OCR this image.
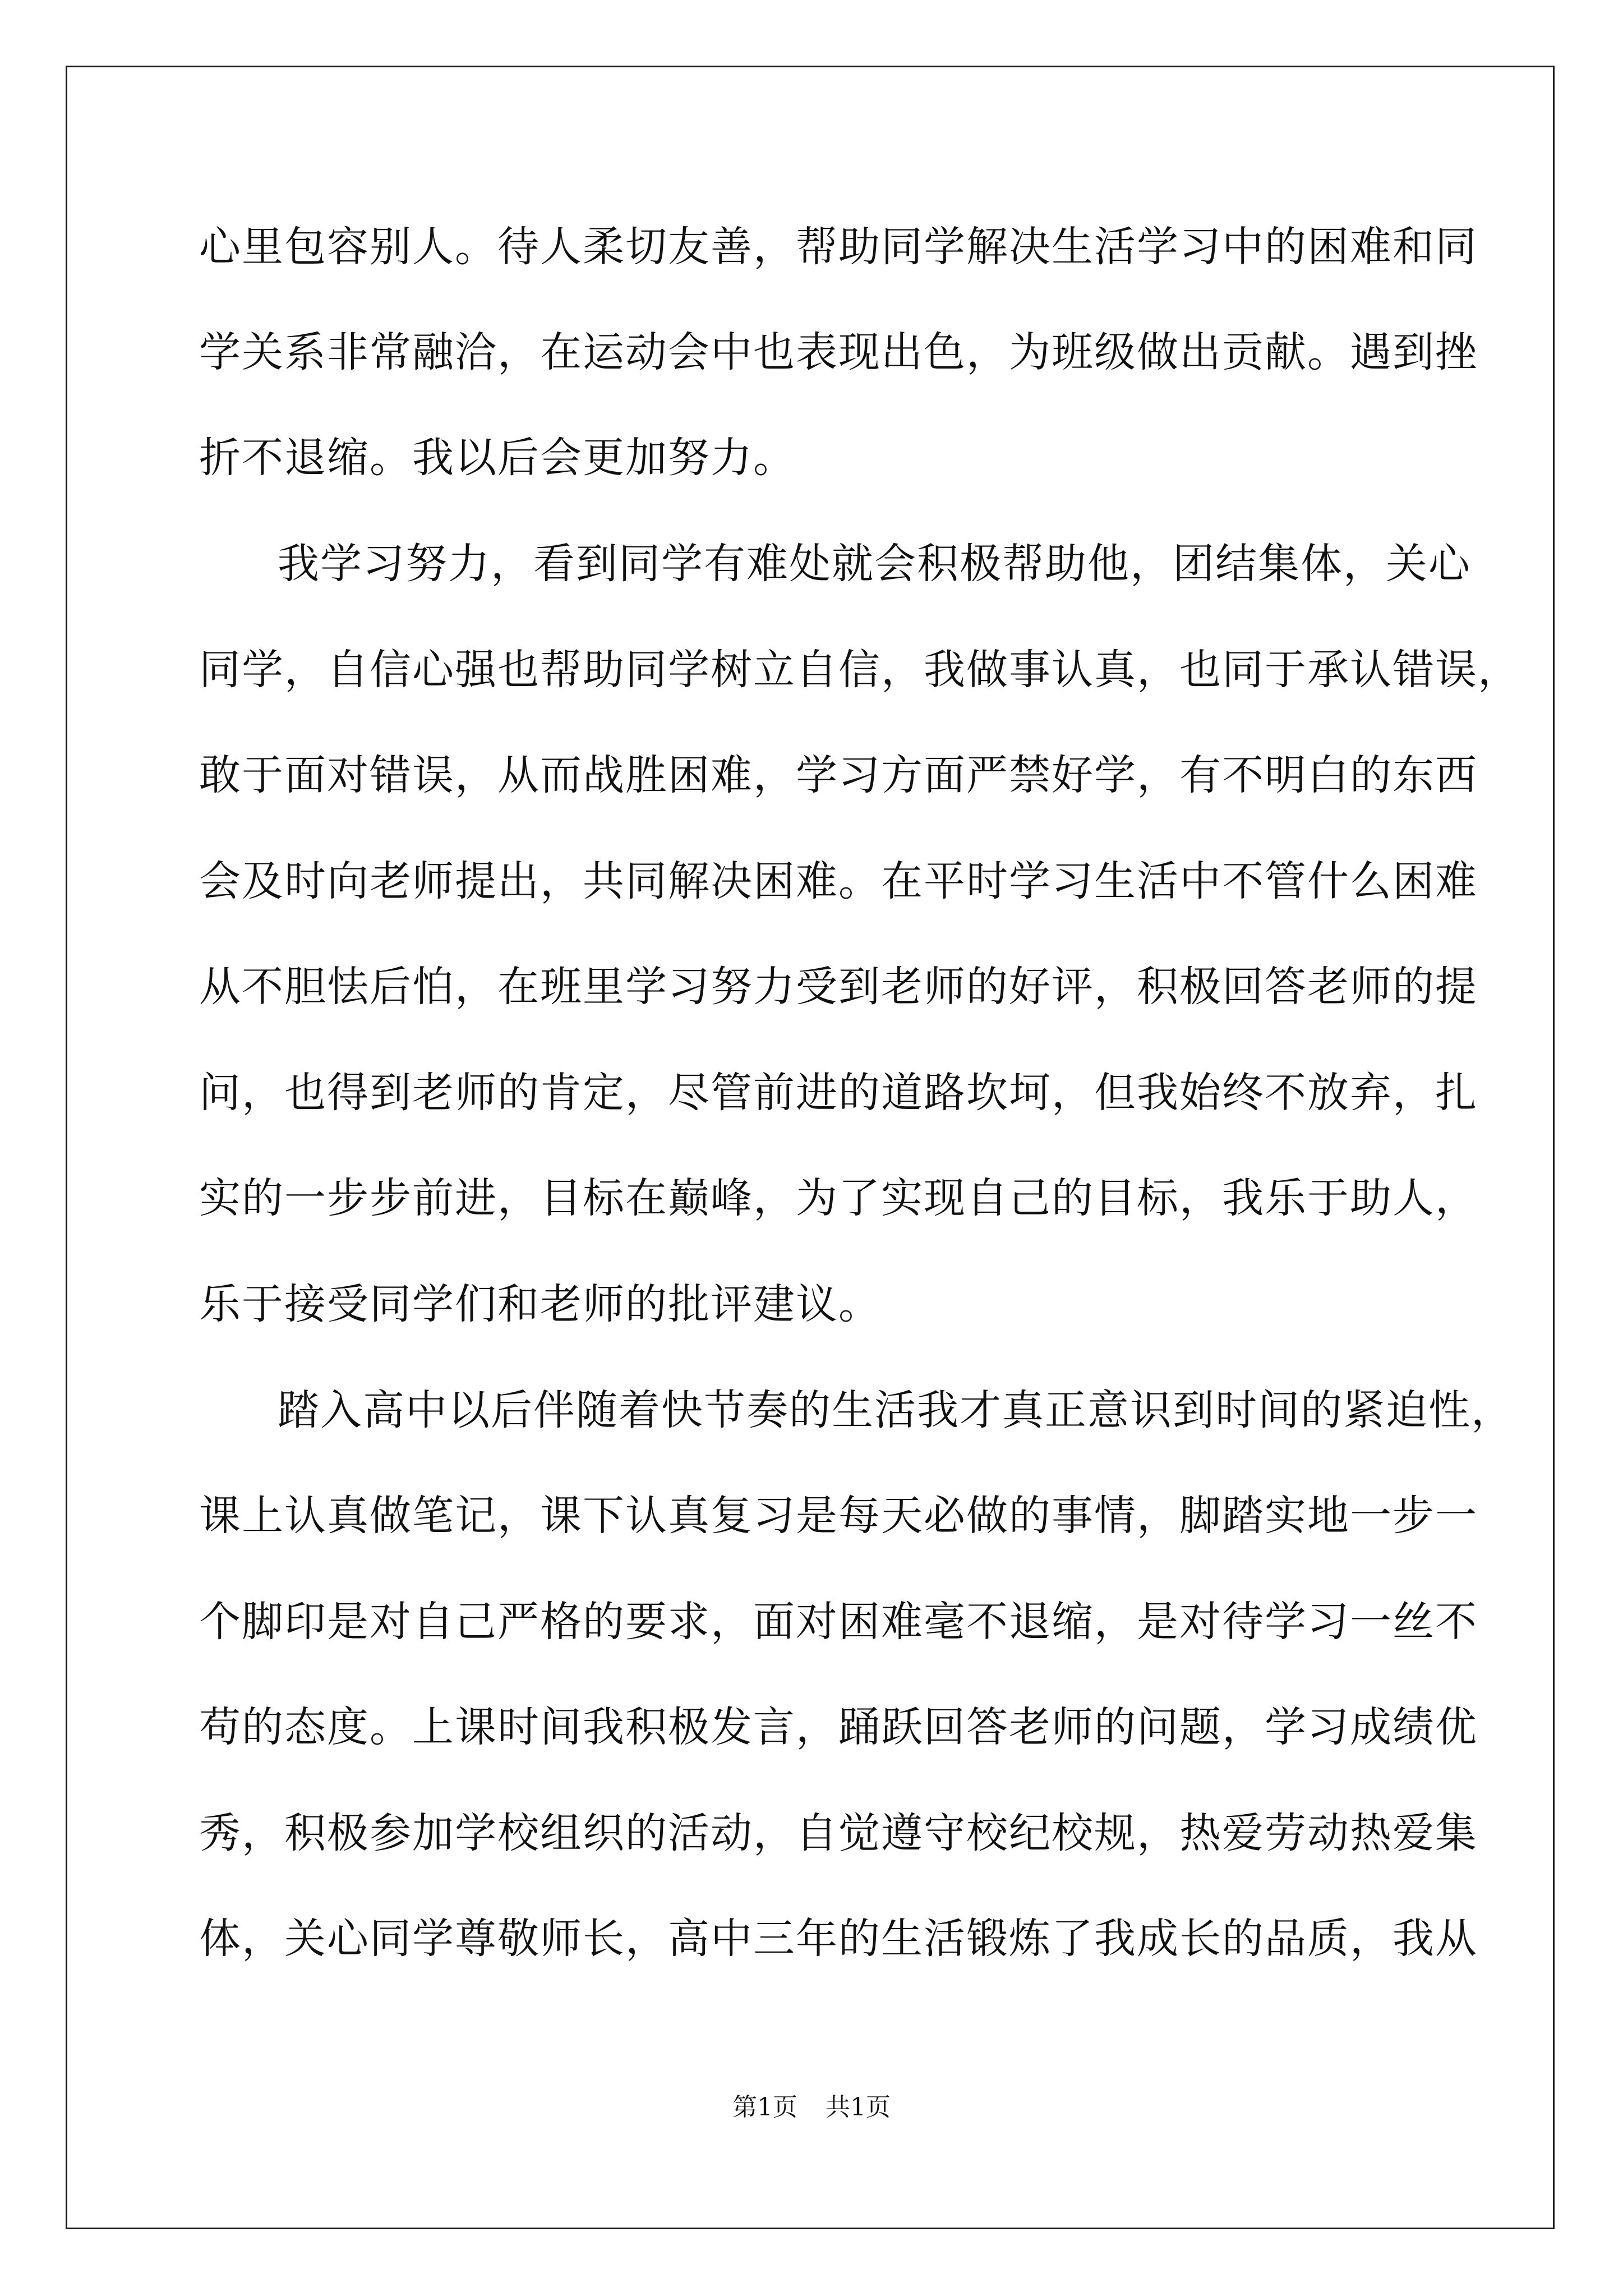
心里包容别人。待人柔切友善，帮助同学解决生活学习中的困难和同

学关系非常融洽，在运动会中也表现出色，为班级做出贡献。遇到挫

折不退缩。我以后会更加努力。

我学习努力，看到同学有难处就会积极帮助他，团结集体，关心

同学，自信心强也帮助同学树立自信，我做事认真，也同于承认错误，

敢于面对错误，从而战胜困难，学习方面严禁好学，有不明白的东西

会及时向老师提出，共同解决困难。在平时学习生活中不管什么困难

从不胆怯后怕，在班里学习努力受到老师的好评，积极回答老师的提

问，也得到老师的肯定，尽管前进的道路坎坷，但我始终不放弃，扎

实的一步步前进，目标在巅峰，为了实现自己的目标，我乐于助人，

乐于接受同学们和老师的批评建议。

踏入高中以后伴随着快节奏的生活我才真正意识到时间的紧迫性，

课上认真做笔记，课下认真复习是每天必做的事情，脚踏实地一步一

个脚印是对自己严格的要求，面对困难毫不退缩，是对待学习一丝不

苟的态度。上课时间我积极发言，踊跃回答老师的问题，学习成绩优

秀，积极参加学校组织的活动，自觉遵守校纪校规，热爱劳动热爱集

体，关心同学尊敬师长，高中三年的生活锻炼了我成长的品质，我从

第1页 共1页
